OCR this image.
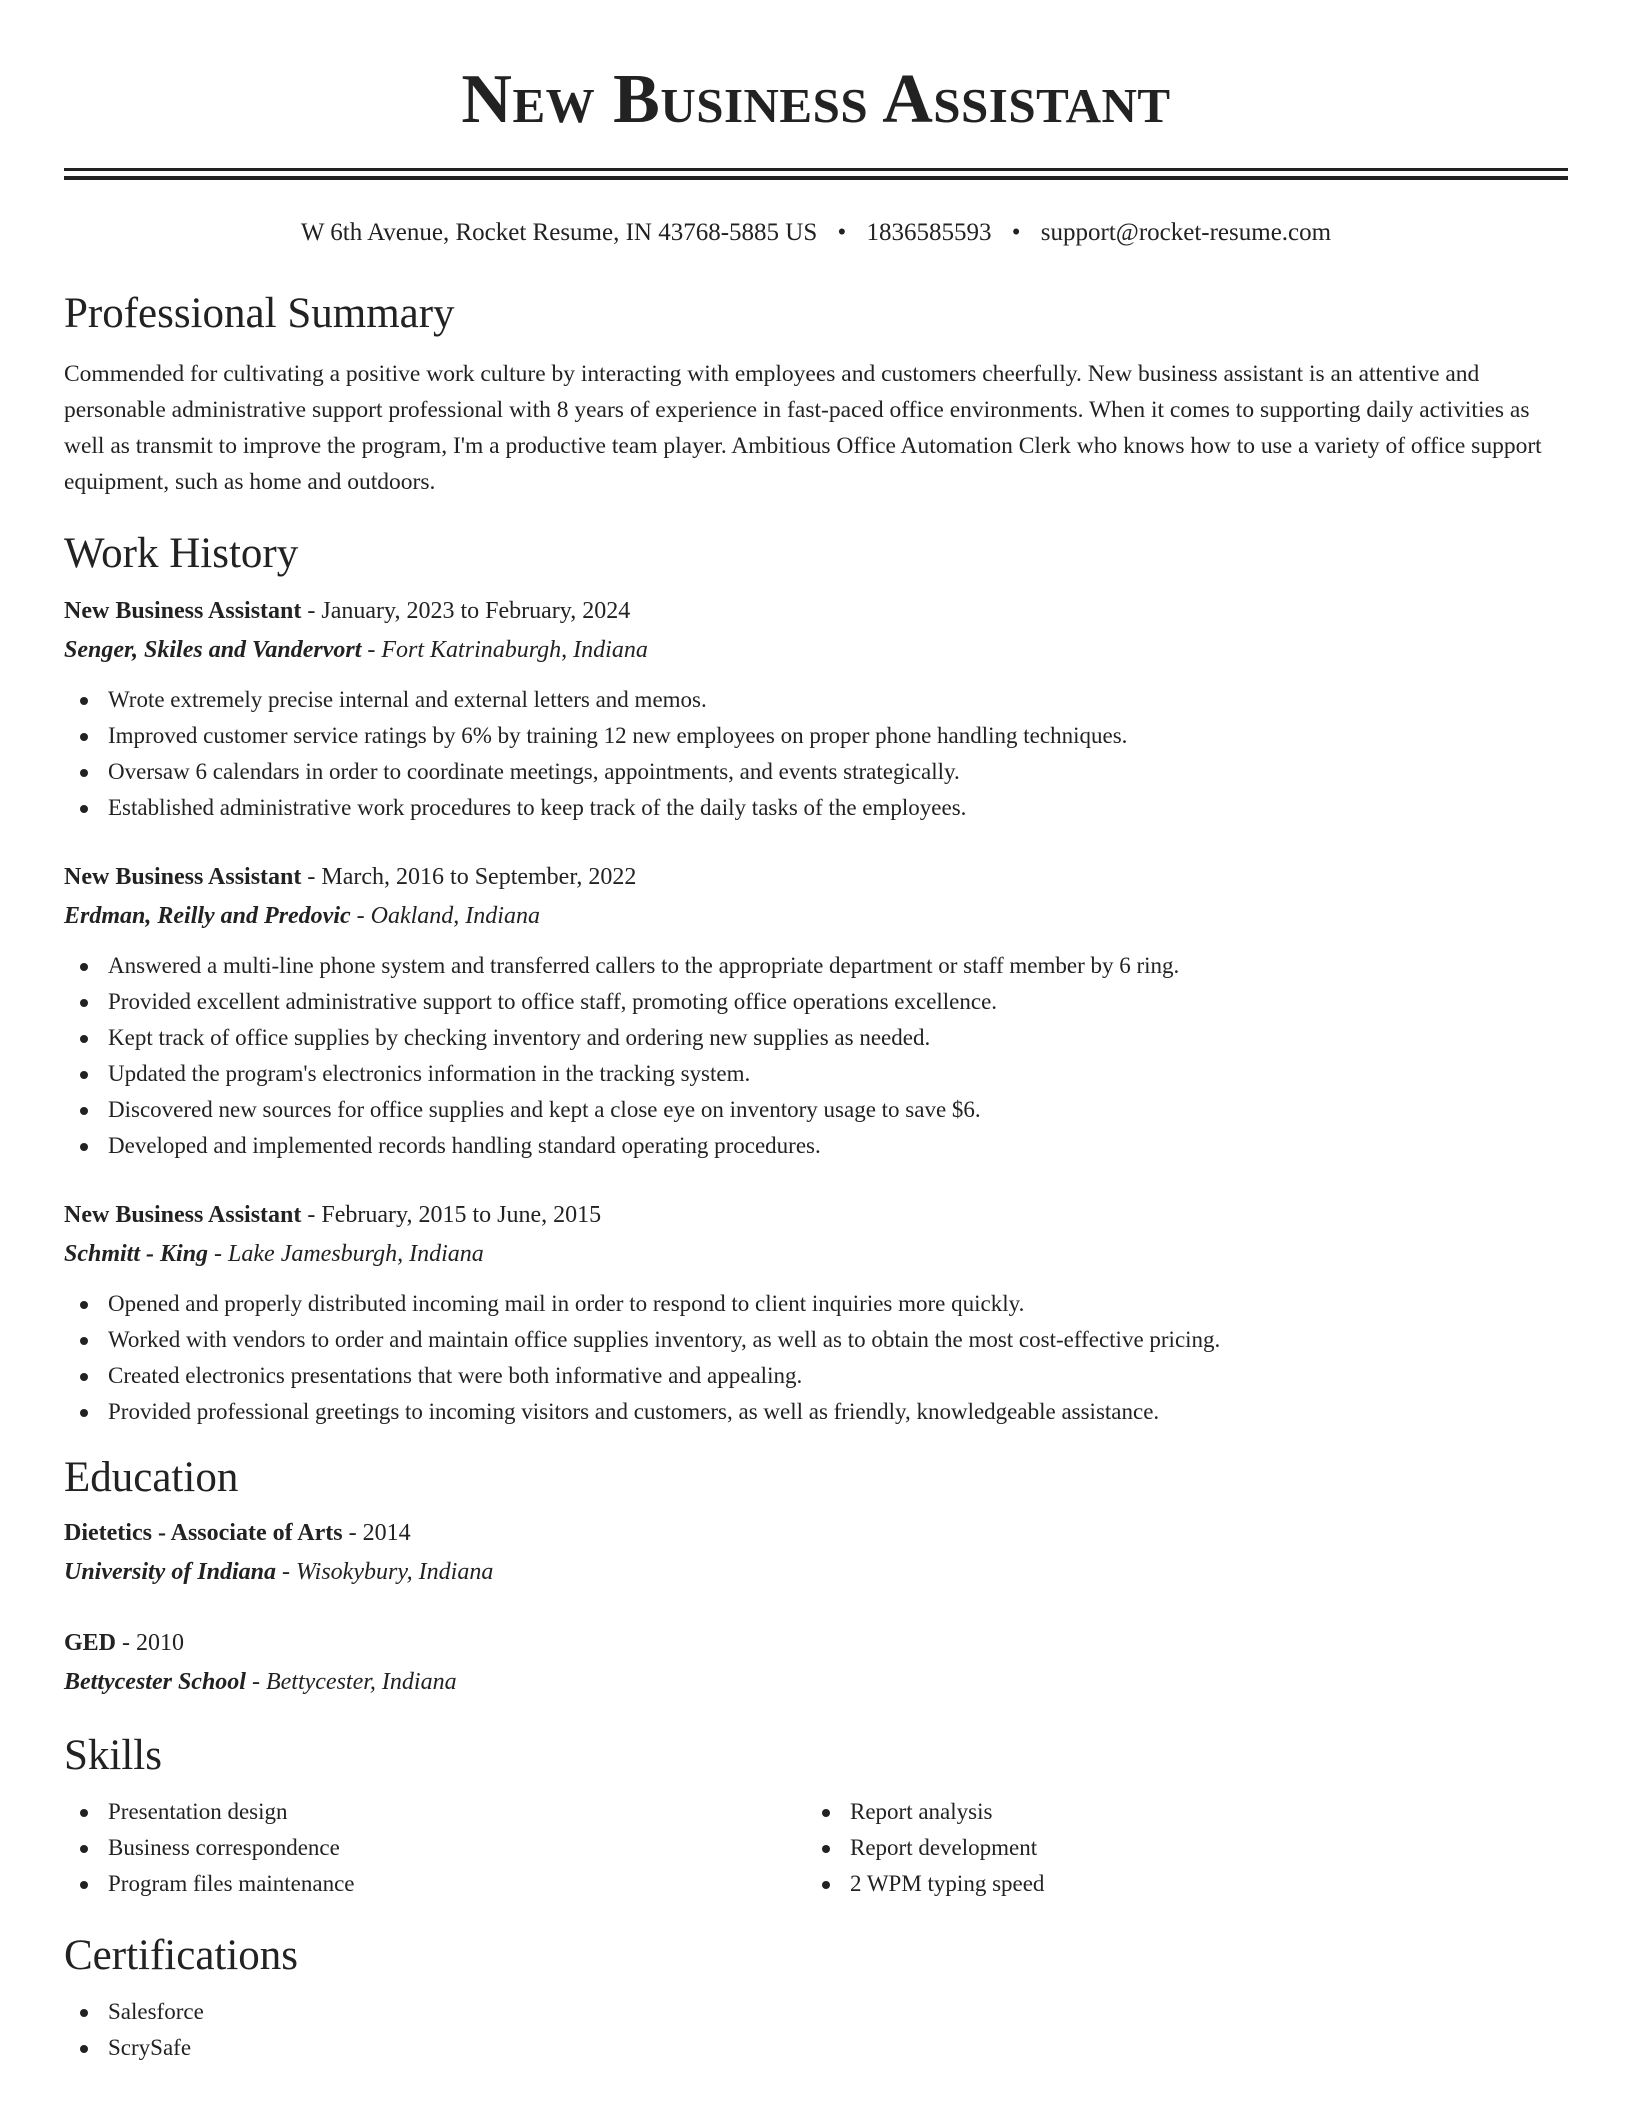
New Business Assistant
W 6th Avenue, Rocket Resume, IN 43768-5885 US • 1836585593 • support@rocket-resume.com
Professional Summary

Commended for cultivating a positive work culture by interacting with employees and customers cheerfully. New business assistant is an attentive and personable administrative support professional with 8 years of experience in fast-paced office environments. When it comes to supporting daily activities as well as transmit to improve the program, I'm a productive team player. Ambitious Office Automation Clerk who knows how to use a variety of office support equipment, such as home and outdoors.

Work History
New Business Assistant - January, 2023 to February, 2024
Senger, Skiles and Vandervort - Fort Katrinaburgh, Indiana
Wrote extremely precise internal and external letters and memos.
Improved customer service ratings by 6% by training 12 new employees on proper phone handling techniques.
Oversaw 6 calendars in order to coordinate meetings, appointments, and events strategically.
Established administrative work procedures to keep track of the daily tasks of the employees.
New Business Assistant - March, 2016 to September, 2022
Erdman, Reilly and Predovic - Oakland, Indiana
Answered a multi-line phone system and transferred callers to the appropriate department or staff member by 6 ring.
Provided excellent administrative support to office staff, promoting office operations excellence.
Kept track of office supplies by checking inventory and ordering new supplies as needed.
Updated the program's electronics information in the tracking system.
Discovered new sources for office supplies and kept a close eye on inventory usage to save $6.
Developed and implemented records handling standard operating procedures.
New Business Assistant - February, 2015 to June, 2015
Schmitt - King - Lake Jamesburgh, Indiana
Opened and properly distributed incoming mail in order to respond to client inquiries more quickly.
Worked with vendors to order and maintain office supplies inventory, as well as to obtain the most cost-effective pricing.
Created electronics presentations that were both informative and appealing.
Provided professional greetings to incoming visitors and customers, as well as friendly, knowledgeable assistance.
Education
Dietetics - Associate of Arts - 2014
University of Indiana - Wisokybury, Indiana
GED - 2010
Bettycester School - Bettycester, Indiana
Skills
Presentation design
Business correspondence
Program files maintenance
Report analysis
Report development
2 WPM typing speed
Certifications
Salesforce
ScrySafe
